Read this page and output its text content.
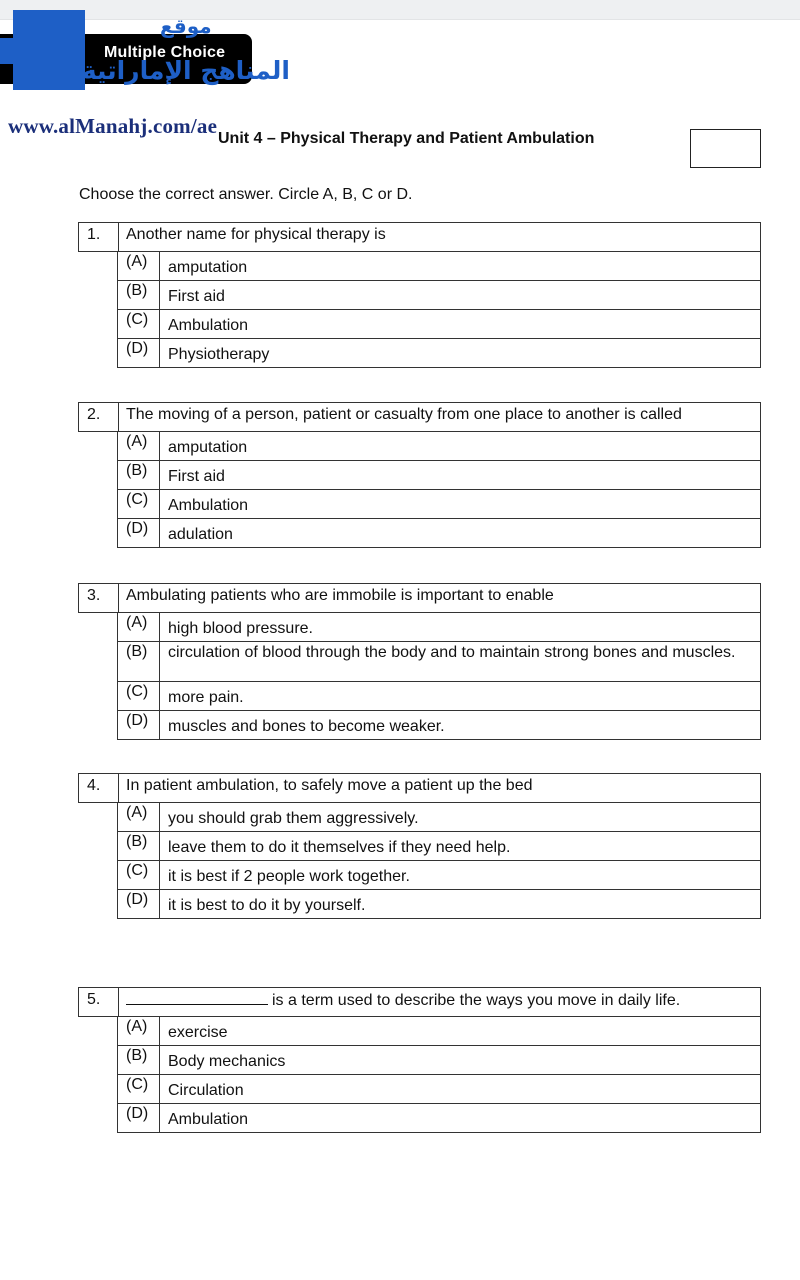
Multiple Choice
موقع
المناهج الإماراتية
www.alManahj.com/ae
Unit 4 – Physical Therapy and Patient Ambulation
Choose the correct answer. Circle A, B, C or D.
1.	Another name for physical therapy is
(A)	amputation
(B)	First aid
(C)	Ambulation
(D)	Physiotherapy
2.	The moving of a person, patient or casualty from one place to another is called
(A)	amputation
(B)	First aid
(C)	Ambulation
(D)	adulation
3.	Ambulating patients who are immobile is important to enable
(A)	high blood pressure.
(B)	circulation of blood through the body and to maintain strong bones and muscles.
(C)	more pain.
(D)	muscles and bones to become weaker.
4.	In patient ambulation, to safely move a patient up the bed
(A)	you should grab them aggressively.
(B)	leave them to do it themselves if they need help.
(C)	it is best if 2 people work together.
(D)	it is best to do it by yourself.
5.	is a term used to describe the ways you move in daily life.
(A)	exercise
(B)	Body mechanics
(C)	Circulation
(D)	Ambulation
